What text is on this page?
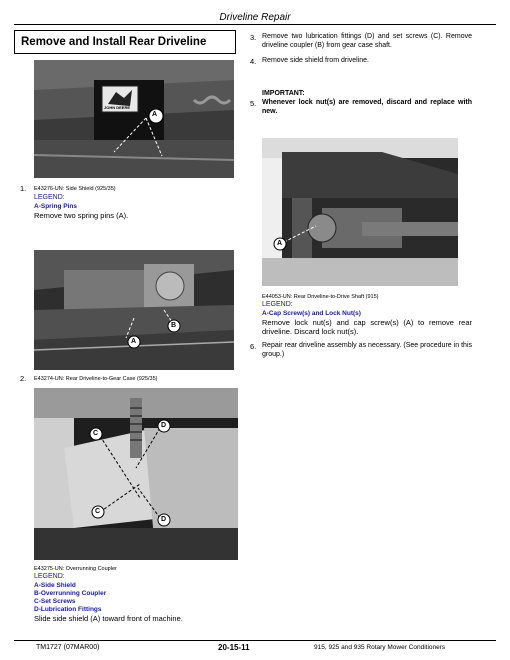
Driveline Repair
Remove and Install Rear Driveline
A
JOHN DEERE
1. E43276-UN: Side Shield (925/35)
LEGEND:
A-Spring Pins
Remove two spring pins (A).
B
A
2. E43274-UN: Rear Driveline-to-Gear Case (925/35)
C
D
C
D
E43275-UN: Overrunning Coupler
LEGEND:
A-Side Shield
B-Overrunning Coupler
C-Set Screws
D-Lubrication Fittings
Slide side shield (A) toward front of machine.
3. Remove two lubrication fittings (D) and set screws (C). Remove driveline coupler (B) from gear case shaft.
4. Remove side shield from driveline.
IMPORTANT:
5. Whenever lock nut(s) are removed, discard and replace with new.
A
E44053-UN: Rear Driveline-to-Drive Shaft (915)
LEGEND:
A-Cap Screw(s) and Lock Nut(s)
Remove lock nut(s) and cap screw(s) (A) to remove rear driveline. Discard lock nut(s).
6. Repair rear driveline assembly as necessary. (See procedure in this group.)
TM1727 (07MAR00)	20-15-11	915, 925 and 935 Rotary Mower Conditioners
